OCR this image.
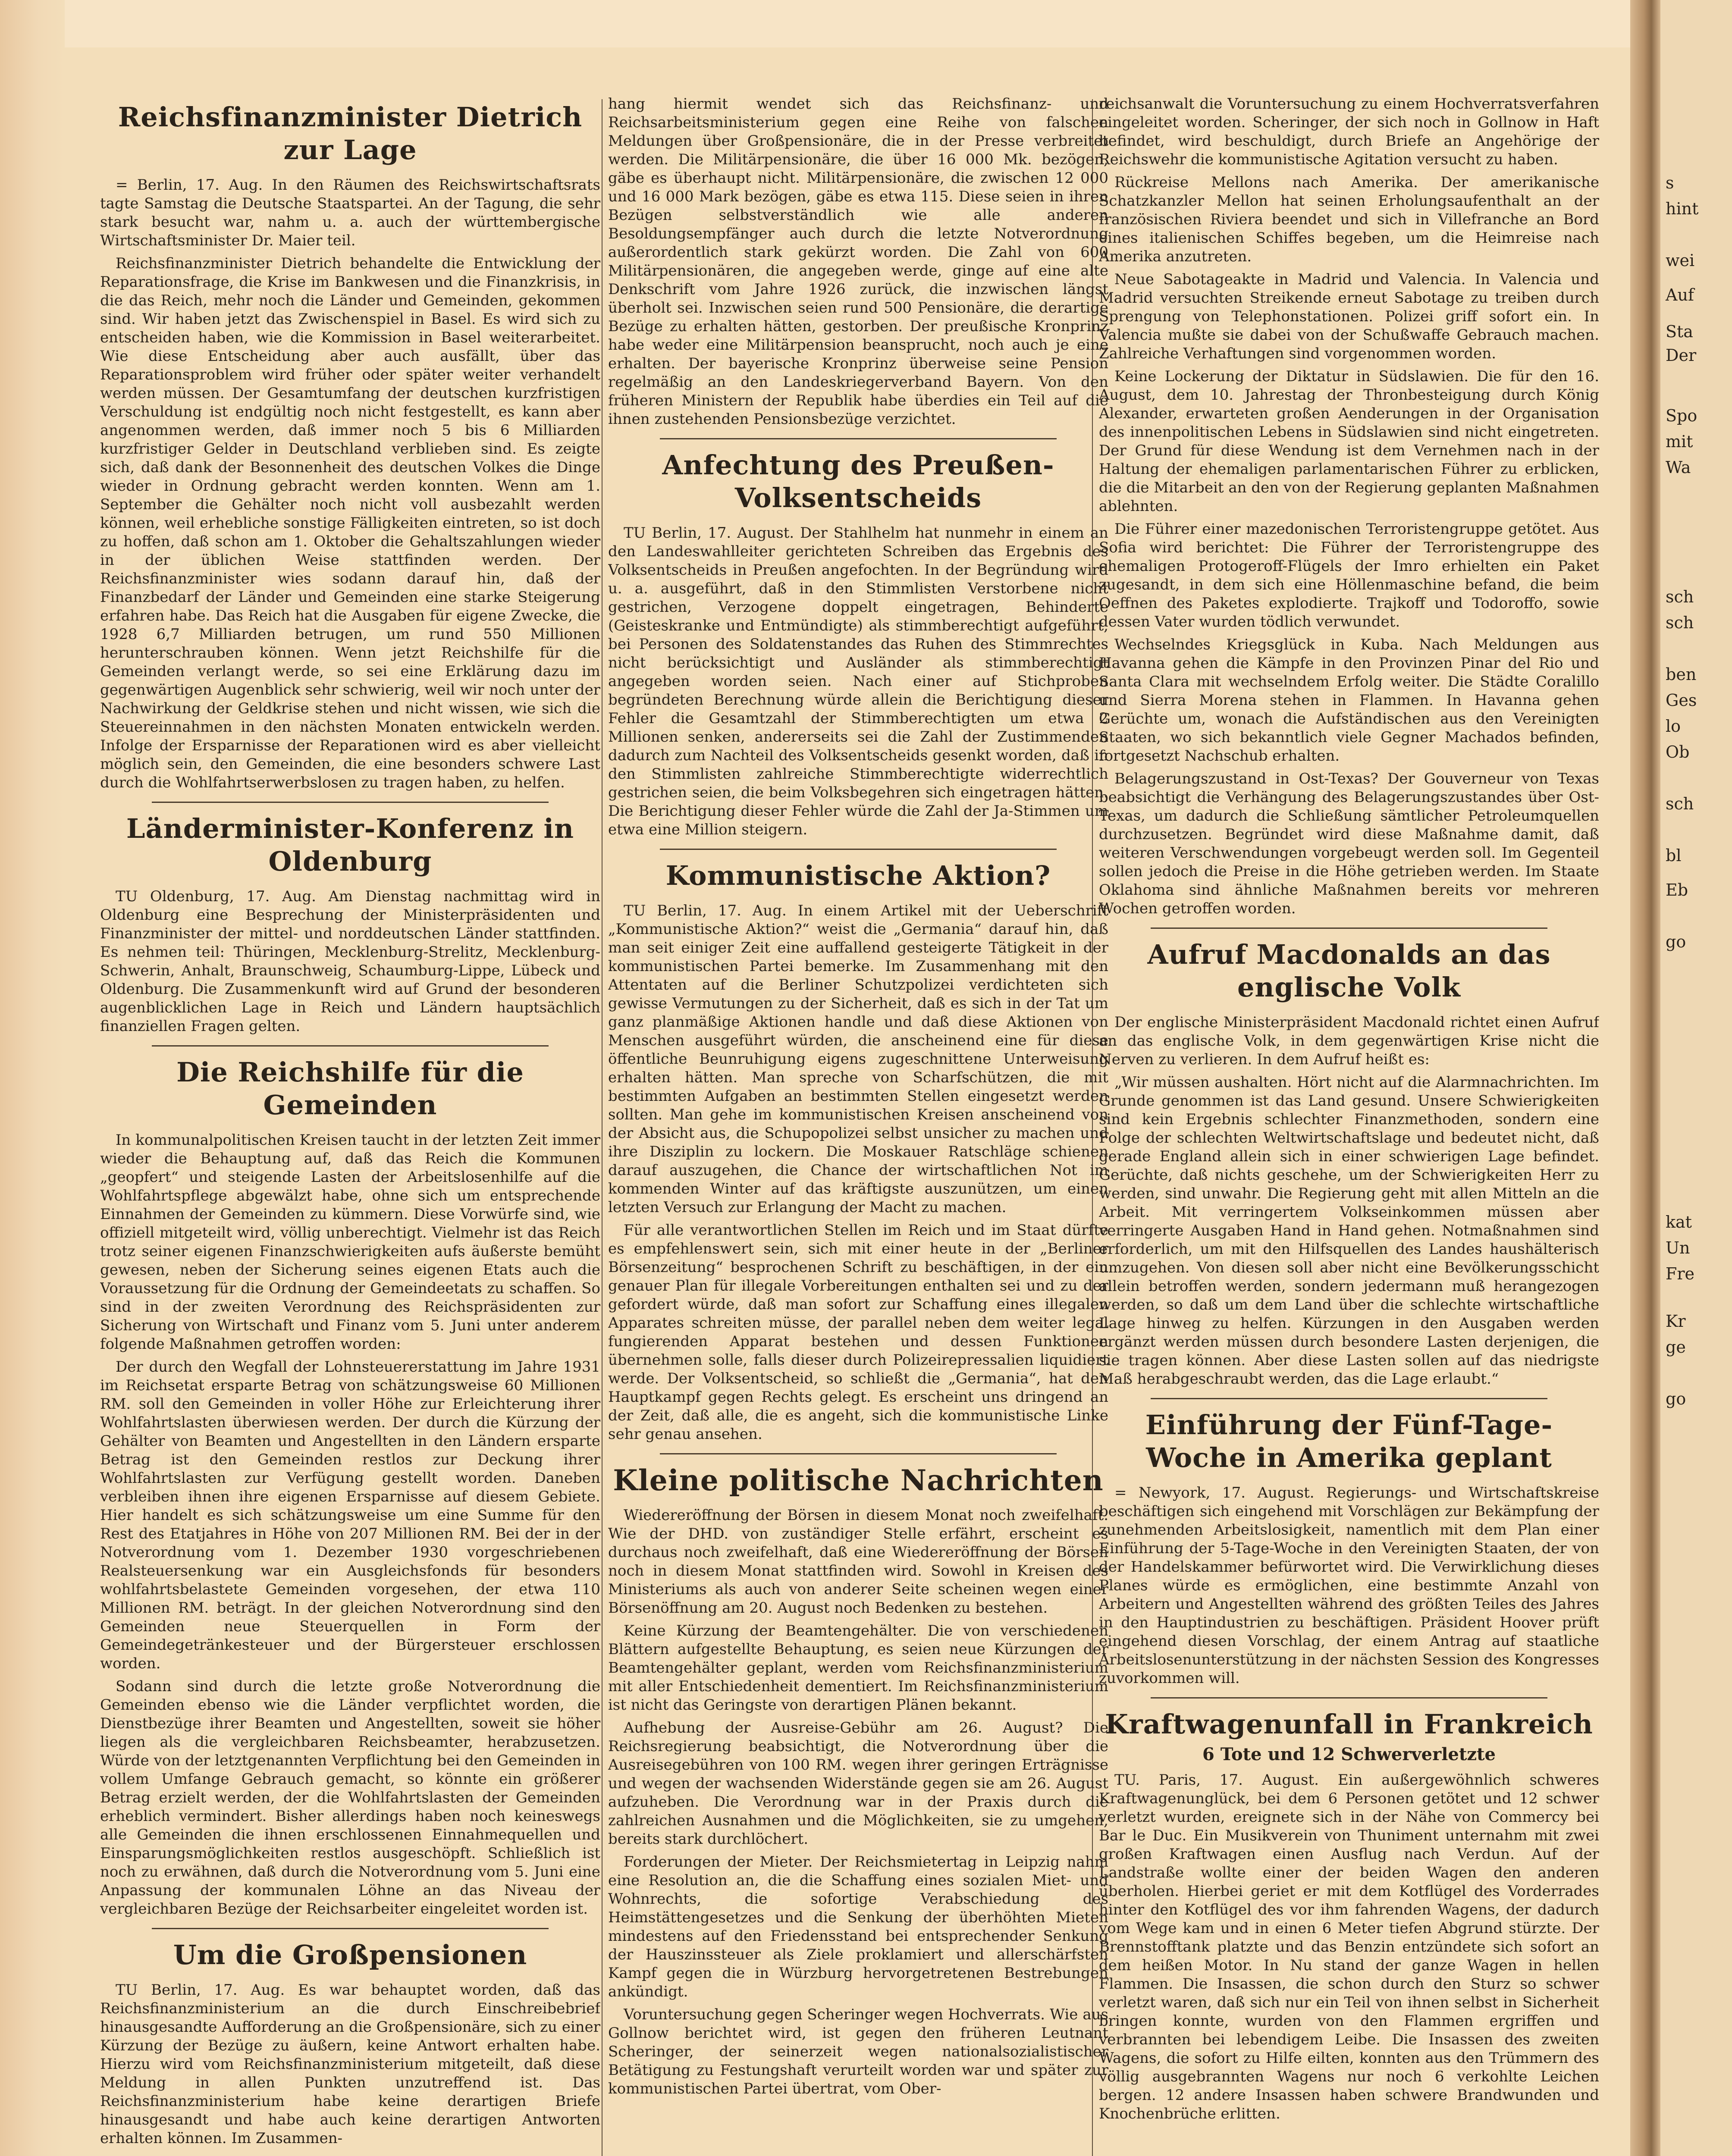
Reichsfinanzminister Dietrich zur Lage

= Berlin, 17. Aug. In den Räumen des Reichswirtschaftsrats tagte Samstag die Deutsche Staatspartei. An der Tagung, die sehr stark besucht war, nahm u. a. auch der württembergische Wirtschaftsminister Dr. Maier teil.

Reichsfinanzminister Dietrich behandelte die Entwicklung der Reparationsfrage, die Krise im Bankwesen und die Finanzkrisis, in die das Reich, mehr noch die Länder und Gemeinden, gekommen sind. Wir haben jetzt das Zwischenspiel in Basel. Es wird sich zu entscheiden haben, wie die Kommission in Basel weiterarbeitet. Wie diese Entscheidung aber auch ausfällt, über das Reparationsproblem wird früher oder später weiter verhandelt werden müssen. Der Gesamtumfang der deutschen kurzfristigen Verschuldung ist endgültig noch nicht festgestellt, es kann aber angenommen werden, daß immer noch 5 bis 6 Milliarden kurzfristiger Gelder in Deutschland verblieben sind. Es zeigte sich, daß dank der Besonnenheit des deutschen Volkes die Dinge wieder in Ordnung gebracht werden konnten. Wenn am 1. September die Gehälter noch nicht voll ausbezahlt werden können, weil erhebliche sonstige Fälligkeiten eintreten, so ist doch zu hoffen, daß schon am 1. Oktober die Gehaltszahlungen wieder in der üblichen Weise stattfinden werden. Der Reichsfinanzminister wies sodann darauf hin, daß der Finanzbedarf der Länder und Gemeinden eine starke Steigerung erfahren habe. Das Reich hat die Ausgaben für eigene Zwecke, die 1928 6,7 Milliarden betrugen, um rund 550 Millionen herunterschrauben können. Wenn jetzt Reichshilfe für die Gemeinden verlangt werde, so sei eine Erklärung dazu im gegenwärtigen Augenblick sehr schwierig, weil wir noch unter der Nachwirkung der Geldkrise stehen und nicht wissen, wie sich die Steuereinnahmen in den nächsten Monaten entwickeln werden. Infolge der Ersparnisse der Reparationen wird es aber vielleicht möglich sein, den Gemeinden, die eine besonders schwere Last durch die Wohlfahrtserwerbslosen zu tragen haben, zu helfen.

Länderminister-Konferenz in Oldenburg

TU Oldenburg, 17. Aug. Am Dienstag nachmittag wird in Oldenburg eine Besprechung der Ministerpräsidenten und Finanzminister der mittel- und norddeutschen Länder stattfinden. Es nehmen teil: Thüringen, Mecklenburg-Strelitz, Mecklenburg-Schwerin, Anhalt, Braunschweig, Schaumburg-Lippe, Lübeck und Oldenburg. Die Zusammenkunft wird auf Grund der besonderen augenblicklichen Lage in Reich und Ländern hauptsächlich finanziellen Fragen gelten.

Die Reichshilfe für die Gemeinden

In kommunalpolitischen Kreisen taucht in der letzten Zeit immer wieder die Behauptung auf, daß das Reich die Kommunen „geopfert“ und steigende Lasten der Arbeitslosenhilfe auf die Wohlfahrtspflege abgewälzt habe, ohne sich um entsprechende Einnahmen der Gemeinden zu kümmern. Diese Vorwürfe sind, wie offiziell mitgeteilt wird, völlig unberechtigt. Vielmehr ist das Reich trotz seiner eigenen Finanzschwierigkeiten aufs äußerste bemüht gewesen, neben der Sicherung seines eigenen Etats auch die Voraussetzung für die Ordnung der Gemeindeetats zu schaffen. So sind in der zweiten Verordnung des Reichspräsidenten zur Sicherung von Wirtschaft und Finanz vom 5. Juni unter anderem folgende Maßnahmen getroffen worden:

Der durch den Wegfall der Lohnsteuererstattung im Jahre 1931 im Reichsetat ersparte Betrag von schätzungsweise 60 Millionen RM. soll den Gemeinden in voller Höhe zur Erleichterung ihrer Wohlfahrtslasten überwiesen werden. Der durch die Kürzung der Gehälter von Beamten und Angestellten in den Ländern ersparte Betrag ist den Gemeinden restlos zur Deckung ihrer Wohlfahrtslasten zur Verfügung gestellt worden. Daneben verbleiben ihnen ihre eigenen Ersparnisse auf diesem Gebiete. Hier handelt es sich schätzungsweise um eine Summe für den Rest des Etatjahres in Höhe von 207 Millionen RM. Bei der in der Notverordnung vom 1. Dezember 1930 vorgeschriebenen Realsteuersenkung war ein Ausgleichsfonds für besonders wohlfahrtsbelastete Gemeinden vorgesehen, der etwa 110 Millionen RM. beträgt. In der gleichen Notverordnung sind den Gemeinden neue Steuerquellen in Form der Gemeindegetränkesteuer und der Bürgersteuer erschlossen worden.

Sodann sind durch die letzte große Notverordnung die Gemeinden ebenso wie die Länder verpflichtet worden, die Dienstbezüge ihrer Beamten und Angestellten, soweit sie höher liegen als die vergleichbaren Reichsbeamter, herabzusetzen. Würde von der letztgenannten Verpflichtung bei den Gemeinden in vollem Umfange Gebrauch gemacht, so könnte ein größerer Betrag erzielt werden, der die Wohlfahrtslasten der Gemeinden erheblich vermindert. Bisher allerdings haben noch keineswegs alle Gemeinden die ihnen erschlossenen Einnahmequellen und Einsparungsmöglichkeiten restlos ausgeschöpft. Schließlich ist noch zu erwähnen, daß durch die Notverordnung vom 5. Juni eine Anpassung der kommunalen Löhne an das Niveau der vergleichbaren Bezüge der Reichsarbeiter eingeleitet worden ist.

Um die Großpensionen

TU Berlin, 17. Aug. Es war behauptet worden, daß das Reichsfinanzministerium an die durch Einschreibebrief hinausgesandte Aufforderung an die Großpensionäre, sich zu einer Kürzung der Bezüge zu äußern, keine Antwort erhalten habe. Hierzu wird vom Reichsfinanzministerium mitgeteilt, daß diese Meldung in allen Punkten unzutreffend ist. Das Reichsfinanzministerium habe keine derartigen Briefe hinausgesandt und habe auch keine derartigen Antworten erhalten können. Im Zusammen-

hang hiermit wendet sich das Reichsfinanz- und Reichsarbeitsministerium gegen eine Reihe von falschen Meldungen über Großpensionäre, die in der Presse verbreitet werden. Die Militärpensionäre, die über 16 000 Mk. bezögen, gäbe es überhaupt nicht. Militärpensionäre, die zwischen 12 000 und 16 000 Mark bezögen, gäbe es etwa 115. Diese seien in ihren Bezügen selbstverständlich wie alle anderen Besoldungsempfänger auch durch die letzte Notverordnung außerordentlich stark gekürzt worden. Die Zahl von 600 Militärpensionären, die angegeben werde, ginge auf eine alte Denkschrift vom Jahre 1926 zurück, die inzwischen längst überholt sei. Inzwischen seien rund 500 Pensionäre, die derartige Bezüge zu erhalten hätten, gestorben. Der preußische Kronprinz habe weder eine Militärpension beansprucht, noch auch je eine erhalten. Der bayerische Kronprinz überweise seine Pension regelmäßig an den Landeskriegerverband Bayern. Von den früheren Ministern der Republik habe überdies ein Teil auf die ihnen zustehenden Pensionsbezüge verzichtet.

Anfechtung des Preußen-Volksentscheids

TU Berlin, 17. August. Der Stahlhelm hat nunmehr in einem an den Landeswahlleiter gerichteten Schreiben das Ergebnis des Volksentscheids in Preußen angefochten. In der Begründung wird u. a. ausgeführt, daß in den Stimmlisten Verstorbene nicht gestrichen, Verzogene doppelt eingetragen, Behinderte (Geisteskranke und Entmündigte) als stimmberechtigt aufgeführt, bei Personen des Soldatenstandes das Ruhen des Stimmrechtes nicht berücksichtigt und Ausländer als stimmberechtigt angegeben worden seien. Nach einer auf Stichproben begründeten Berechnung würde allein die Berichtigung dieser Fehler die Gesamtzahl der Stimmberechtigten um etwa 2 Millionen senken, andererseits sei die Zahl der Zustimmenden dadurch zum Nachteil des Volksentscheids gesenkt worden, daß in den Stimmlisten zahlreiche Stimmberechtigte widerrechtlich gestrichen seien, die beim Volksbegehren sich eingetragen hätten. Die Berichtigung dieser Fehler würde die Zahl der Ja-Stimmen um etwa eine Million steigern.

Kommunistische Aktion?

TU Berlin, 17. Aug. In einem Artikel mit der Ueberschrift „Kommunistische Aktion?“ weist die „Germania“ darauf hin, daß man seit einiger Zeit eine auffallend gesteigerte Tätigkeit in der kommunistischen Partei bemerke. Im Zusammenhang mit den Attentaten auf die Berliner Schutzpolizei verdichteten sich gewisse Vermutungen zu der Sicherheit, daß es sich in der Tat um ganz planmäßige Aktionen handle und daß diese Aktionen von Menschen ausgeführt würden, die anscheinend eine für diese öffentliche Beunruhigung eigens zugeschnittene Unterweisung erhalten hätten. Man spreche von Scharfschützen, die mit bestimmten Aufgaben an bestimmten Stellen eingesetzt werden sollten. Man gehe im kommunistischen Kreisen anscheinend von der Absicht aus, die Schupopolizei selbst unsicher zu machen und ihre Disziplin zu lockern. Die Moskauer Ratschläge schienen darauf auszugehen, die Chance der wirtschaftlichen Not im kommenden Winter auf das kräftigste auszunützen, um einen letzten Versuch zur Erlangung der Macht zu machen.

Für alle verantwortlichen Stellen im Reich und im Staat dürfte es empfehlenswert sein, sich mit einer heute in der „Berliner Börsenzeitung“ besprochenen Schrift zu beschäftigen, in der ein genauer Plan für illegale Vorbereitungen enthalten sei und zu der gefordert würde, daß man sofort zur Schaffung eines illegalen Apparates schreiten müsse, der parallel neben dem weiter legal fungierenden Apparat bestehen und dessen Funktionen übernehmen solle, falls dieser durch Polizeirepressalien liquidiert werde. Der Volksentscheid, so schließt die „Germania“, hat den Hauptkampf gegen Rechts gelegt. Es erscheint uns dringend an der Zeit, daß alle, die es angeht, sich die kommunistische Linke sehr genau ansehen.

Kleine politische Nachrichten

Wiedereröffnung der Börsen in diesem Monat noch zweifelhaft. Wie der DHD. von zuständiger Stelle erfährt, erscheint es durchaus noch zweifelhaft, daß eine Wiedereröffnung der Börsen noch in diesem Monat stattfinden wird. Sowohl in Kreisen des Ministeriums als auch von anderer Seite scheinen wegen einer Börsenöffnung am 20. August noch Bedenken zu bestehen.

Keine Kürzung der Beamtengehälter. Die von verschiedenen Blättern aufgestellte Behauptung, es seien neue Kürzungen der Beamtengehälter geplant, werden vom Reichsfinanzministerium mit aller Entschiedenheit dementiert. Im Reichsfinanzministerium ist nicht das Geringste von derartigen Plänen bekannt.

Aufhebung der Ausreise-Gebühr am 26. August? Die Reichsregierung beabsichtigt, die Notverordnung über die Ausreisegebühren von 100 RM. wegen ihrer geringen Erträgnisse und wegen der wachsenden Widerstände gegen sie am 26. August aufzuheben. Die Verordnung war in der Praxis durch die zahlreichen Ausnahmen und die Möglichkeiten, sie zu umgehen, bereits stark durchlöchert.

Forderungen der Mieter. Der Reichsmietertag in Leipzig nahm eine Resolution an, die die Schaffung eines sozialen Miet- und Wohnrechts, die sofortige Verabschiedung des Heimstättengesetzes und die Senkung der überhöhten Mieten mindestens auf den Friedensstand bei entsprechender Senkung der Hauszinssteuer als Ziele proklamiert und allerschärfsten Kampf gegen die in Würzburg hervorgetretenen Bestrebungen ankündigt.

Voruntersuchung gegen Scheringer wegen Hochverrats. Wie aus Gollnow berichtet wird, ist gegen den früheren Leutnant Scheringer, der seinerzeit wegen nationalsozialistischer Betätigung zu Festungshaft verurteilt worden war und später zur kommunistischen Partei übertrat, vom Ober-

reichsanwalt die Voruntersuchung zu einem Hochverratsverfahren eingeleitet worden. Scheringer, der sich noch in Gollnow in Haft befindet, wird beschuldigt, durch Briefe an Angehörige der Reichswehr die kommunistische Agitation versucht zu haben.

Rückreise Mellons nach Amerika. Der amerikanische Schatzkanzler Mellon hat seinen Erholungsaufenthalt an der französischen Riviera beendet und sich in Villefranche an Bord eines italienischen Schiffes begeben, um die Heimreise nach Amerika anzutreten.

Neue Sabotageakte in Madrid und Valencia. In Valencia und Madrid versuchten Streikende erneut Sabotage zu treiben durch Sprengung von Telephonstationen. Polizei griff sofort ein. In Valencia mußte sie dabei von der Schußwaffe Gebrauch machen. Zahlreiche Verhaftungen sind vorgenommen worden.

Keine Lockerung der Diktatur in Südslawien. Die für den 16. August, dem 10. Jahrestag der Thronbesteigung durch König Alexander, erwarteten großen Aenderungen in der Organisation des innenpolitischen Lebens in Südslawien sind nicht eingetreten. Der Grund für diese Wendung ist dem Vernehmen nach in der Haltung der ehemaligen parlamentarischen Führer zu erblicken, die die Mitarbeit an den von der Regierung geplanten Maßnahmen ablehnten.

Die Führer einer mazedonischen Terroristengruppe getötet. Aus Sofia wird berichtet: Die Führer der Terroristengruppe des ehemaligen Protogeroff-Flügels der Imro erhielten ein Paket zugesandt, in dem sich eine Höllenmaschine befand, die beim Oeffnen des Paketes explodierte. Trajkoff und Todoroffo, sowie dessen Vater wurden tödlich verwundet.

Wechselndes Kriegsglück in Kuba. Nach Meldungen aus Havanna gehen die Kämpfe in den Provinzen Pinar del Rio und Santa Clara mit wechselndem Erfolg weiter. Die Städte Coralillo und Sierra Morena stehen in Flammen. In Havanna gehen Gerüchte um, wonach die Aufständischen aus den Vereinigten Staaten, wo sich bekanntlich viele Gegner Machados befinden, fortgesetzt Nachschub erhalten.

Belagerungszustand in Ost-Texas? Der Gouverneur von Texas beabsichtigt die Verhängung des Belagerungszustandes über Ost-Texas, um dadurch die Schließung sämtlicher Petroleumquellen durchzusetzen. Begründet wird diese Maßnahme damit, daß weiteren Verschwendungen vorgebeugt werden soll. Im Gegenteil sollen jedoch die Preise in die Höhe getrieben werden. Im Staate Oklahoma sind ähnliche Maßnahmen bereits vor mehreren Wochen getroffen worden.

Aufruf Macdonalds an das englische Volk

Der englische Ministerpräsident Macdonald richtet einen Aufruf an das englische Volk, in dem gegenwärtigen Krise nicht die Nerven zu verlieren. In dem Aufruf heißt es:

„Wir müssen aushalten. Hört nicht auf die Alarmnachrichten. Im Grunde genommen ist das Land gesund. Unsere Schwierigkeiten sind kein Ergebnis schlechter Finanzmethoden, sondern eine Folge der schlechten Weltwirtschaftslage und bedeutet nicht, daß gerade England allein sich in einer schwierigen Lage befindet. Gerüchte, daß nichts geschehe, um der Schwierigkeiten Herr zu werden, sind unwahr. Die Regierung geht mit allen Mitteln an die Arbeit. Mit verringertem Volkseinkommen müssen aber verringerte Ausgaben Hand in Hand gehen. Notmaßnahmen sind erforderlich, um mit den Hilfsquellen des Landes haushälterisch umzugehen. Von diesen soll aber nicht eine Bevölkerungsschicht allein betroffen werden, sondern jedermann muß herangezogen werden, so daß um dem Land über die schlechte wirtschaftliche Lage hinweg zu helfen. Kürzungen in den Ausgaben werden ergänzt werden müssen durch besondere Lasten derjenigen, die sie tragen können. Aber diese Lasten sollen auf das niedrigste Maß herabgeschraubt werden, das die Lage erlaubt.“

Einführung der Fünf-Tage-Woche in Amerika geplant

= Newyork, 17. August. Regierungs- und Wirtschaftskreise beschäftigen sich eingehend mit Vorschlägen zur Bekämpfung der zunehmenden Arbeitslosigkeit, namentlich mit dem Plan einer Einführung der 5-Tage-Woche in den Vereinigten Staaten, der von der Handelskammer befürwortet wird. Die Verwirklichung dieses Planes würde es ermöglichen, eine bestimmte Anzahl von Arbeitern und Angestellten während des größten Teiles des Jahres in den Hauptindustrien zu beschäftigen. Präsident Hoover prüft eingehend diesen Vorschlag, der einem Antrag auf staatliche Arbeitslosenunterstützung in der nächsten Session des Kongresses zuvorkommen will.

Kraftwagenunfall in Frankreich
6 Tote und 12 Schwerverletzte

TU. Paris, 17. August. Ein außergewöhnlich schweres Kraftwagenunglück, bei dem 6 Personen getötet und 12 schwer verletzt wurden, ereignete sich in der Nähe von Commercy bei Bar le Duc. Ein Musikverein von Thuniment unternahm mit zwei großen Kraftwagen einen Ausflug nach Verdun. Auf der Landstraße wollte einer der beiden Wagen den anderen überholen. Hierbei geriet er mit dem Kotflügel des Vorderrades hinter den Kotflügel des vor ihm fahrenden Wagens, der dadurch vom Wege kam und in einen 6 Meter tiefen Abgrund stürzte. Der Brennstofftank platzte und das Benzin entzündete sich sofort an dem heißen Motor. In Nu stand der ganze Wagen in hellen Flammen. Die Insassen, die schon durch den Sturz so schwer verletzt waren, daß sich nur ein Teil von ihnen selbst in Sicherheit bringen konnte, wurden von den Flammen ergriffen und verbrannten bei lebendigem Leibe. Die Insassen des zweiten Wagens, die sofort zu Hilfe eilten, konnten aus den Trümmern des völlig ausgebrannten Wagens nur noch 6 verkohlte Leichen bergen. 12 andere Insassen haben schwere Brandwunden und Knochenbrüche erlitten.

s
hint
wei
Auf
Sta
Der
Spo
mit
Wa
sch
sch
ben
Ges
lo
Ob
sch
bl
Eb
go
kat
Un
Fre
Kr
ge
go
